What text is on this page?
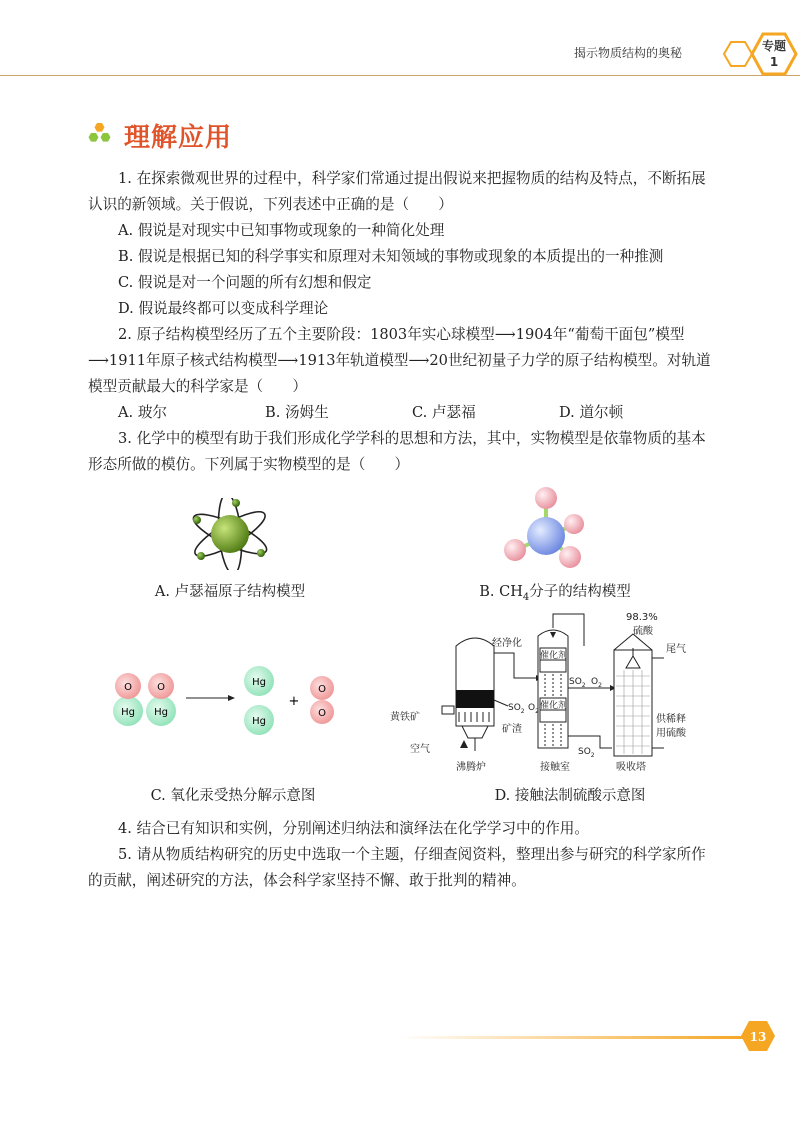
揭示物质结构的奥秘	专题
1
理解应用

1. 在探索微观世界的过程中，科学家们常通过提出假说来把握物质的结构及特点，不断拓展认识的新领域。关于假说，下列表述中正确的是（　　）

A. 假说是对现实中已知事物或现象的一种简化处理

B. 假说是根据已知的科学事实和原理对未知领域的事物或现象的本质提出的一种推测

C. 假说是对一个问题的所有幻想和假定

D. 假说最终都可以变成科学理论

2. 原子结构模型经历了五个主要阶段：1803年实心球模型⟶1904年“葡萄干面包”模型⟶1911年原子核式结构模型⟶1913年轨道模型⟶20世纪初量子力学的原子结构模型。对轨道模型贡献最大的科学家是（　　）

A. 玻尔	B. 汤姆生	C. 卢瑟福	D. 道尔顿

3. 化学中的模型有助于我们形成化学学科的思想和方法，其中，实物模型是依靠物质的基本形态所做的模仿。下列属于实物模型的是（　　）

A. 卢瑟福原子结构模型	B. $CH_4$分子的结构模型
O
Hg
O
Hg
Hg
Hg
+
O
O
C. 氧化汞受热分解示意图
98.3%
硫酸
尾气
经净化
催化剂
催化剂
$SO_2$ $O_2$
$SO_2$ $O_2$
$SO_2$
黄铁矿
矿渣
空气
沸腾炉	接触室	吸收塔
供稀释
用硫酸
D. 接触法制硫酸示意图

4. 结合已有知识和实例，分别阐述归纳法和演绎法在化学学习中的作用。

5. 请从物质结构研究的历史中选取一个主题，仔细查阅资料，整理出参与研究的科学家所作的贡献，阐述研究的方法，体会科学家坚持不懈、敢于批判的精神。

13
